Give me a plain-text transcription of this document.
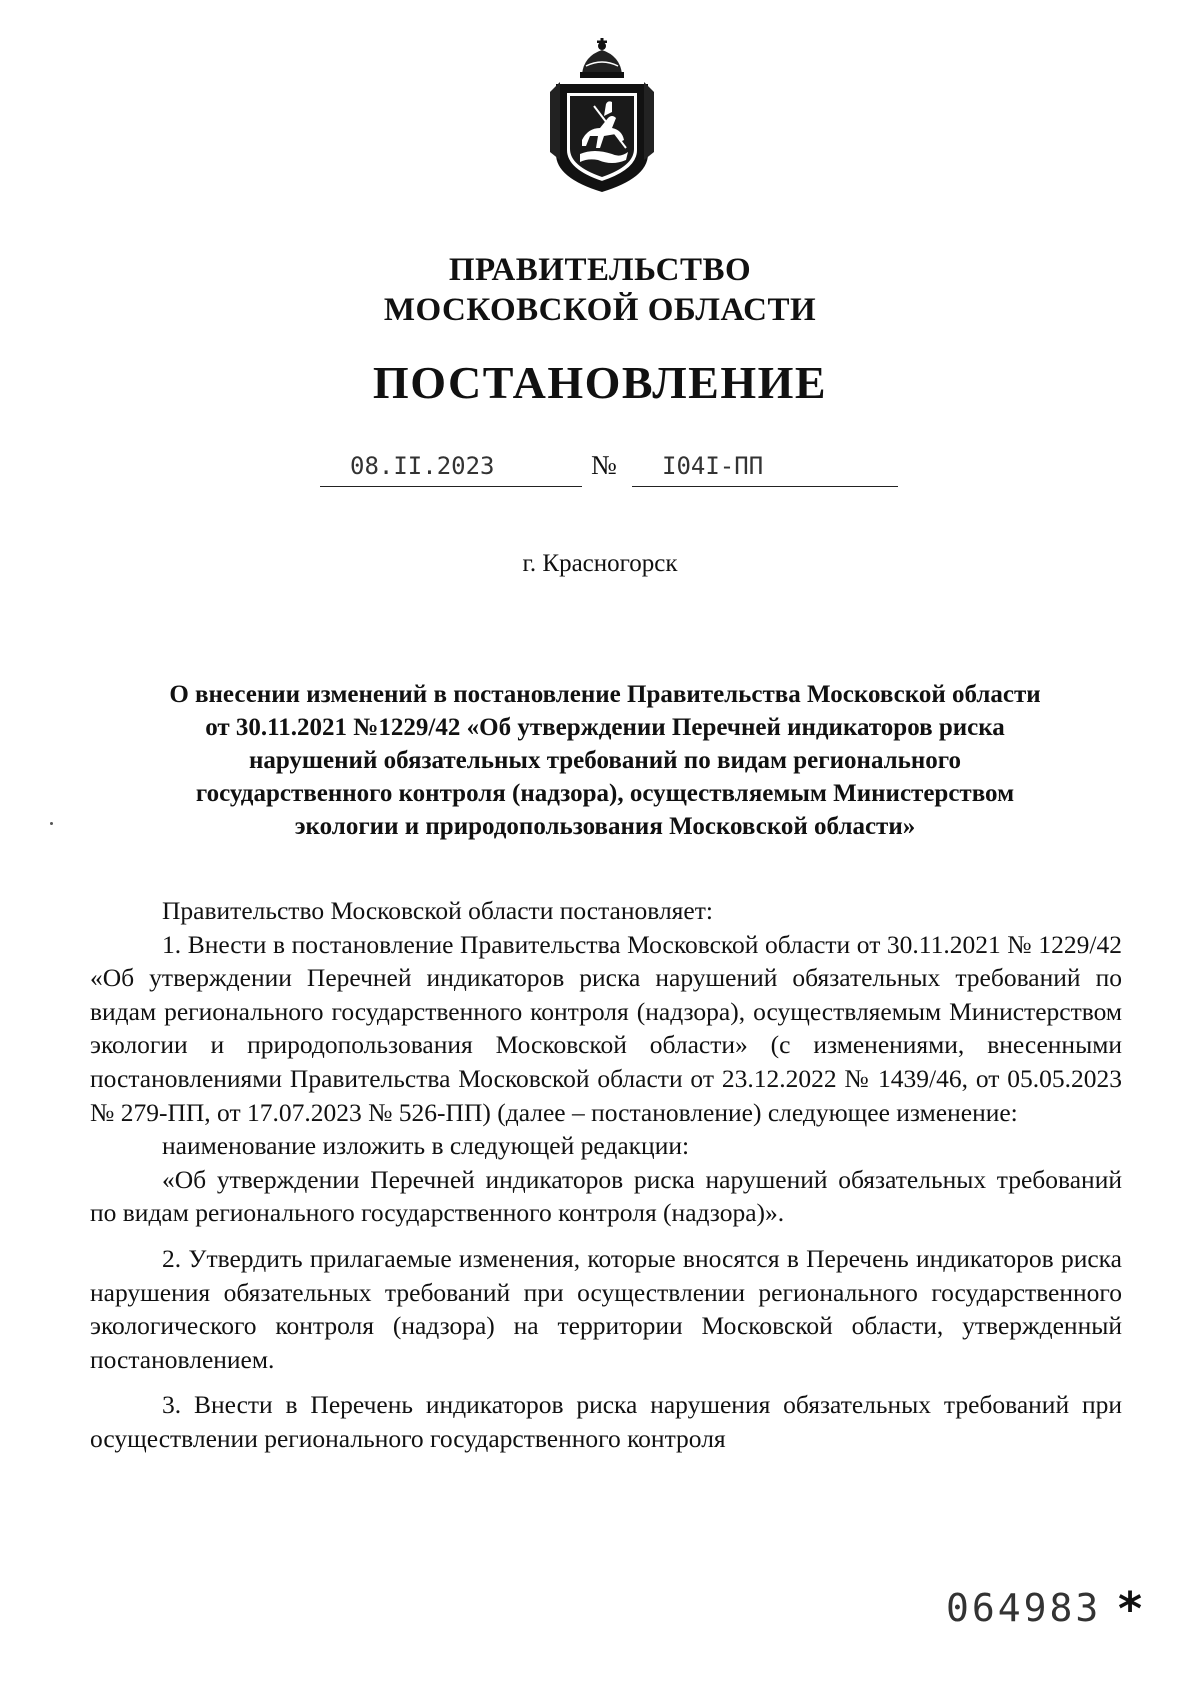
ПРАВИТЕЛЬСТВО
МОСКОВСКОЙ ОБЛАСТИ
ПОСТАНОВЛЕНИЕ
08.II.2023	№ I04I-ПП
г. Красногорск
О внесении изменений в постановление Правительства Московской области
от 30.11.2021 №1229/42 «Об утверждении Перечней индикаторов риска
нарушений обязательных требований по видам регионального
государственного контроля (надзора), осуществляемым Министерством
экологии и природопользования Московской области»

Правительство Московской области постановляет:

1. Внести в постановление Правительства Московской области от 30.11.2021 № 1229/42 «Об утверждении Перечней индикаторов риска нарушений обязательных требований по видам регионального государственного контроля (надзора), осуществляемым Министерством экологии и природопользования Московской области» (с изменениями, внесенными постановлениями Правительства Московской области от 23.12.2022 № 1439/46, от 05.05.2023 № 279-ПП, от 17.07.2023 № 526-ПП) (далее – постановление) следующее изменение:

наименование изложить в следующей редакции:

«Об утверждении Перечней индикаторов риска нарушений обязательных требований по видам регионального государственного контроля (надзора)».

2. Утвердить прилагаемые изменения, которые вносятся в Перечень индикаторов риска нарушения обязательных требований при осуществлении регионального государственного экологического контроля (надзора) на территории Московской области, утвержденный постановлением.

3. Внести в Перечень индикаторов риска нарушения обязательных требований при осуществлении регионального государственного контроля

064983 *
